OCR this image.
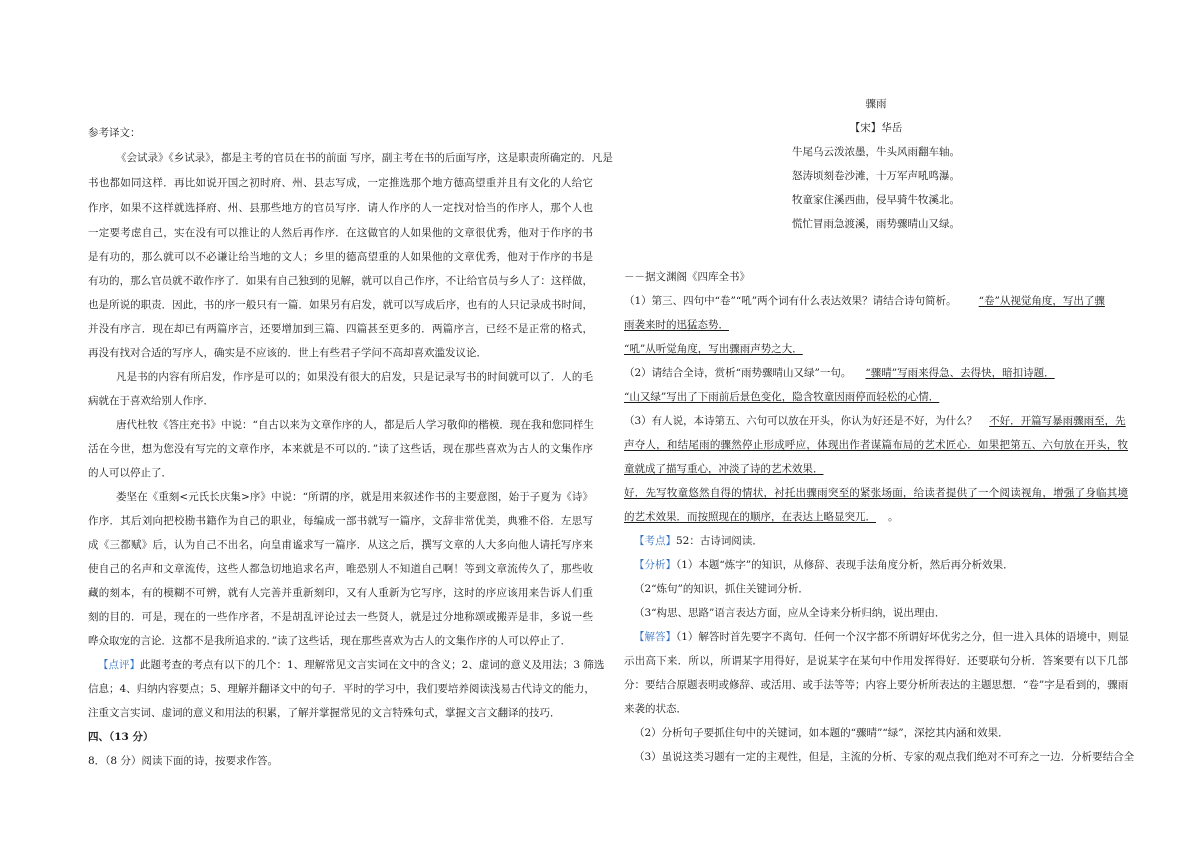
参考译文：
《会试录》《乡试录》，都是主考的官员在书的前面 写序，副主考在书的后面写序，这是职责所确定的．凡是
书也都如同这样．再比如说开国之初时府、州、县志写成，一定推选那个地方德高望重并且有文化的人给它
作序，如果不这样就选择府、州、县那些地方的官员写序．请人作序的人一定找对恰当的作序人，那个人也
一定要考虑自己，实在没有可以推让的人然后再作序．在这做官的人如果他的文章很优秀，他对于作序的书
是有功的，那么就可以不必谦让给当地的文人；乡里的德高望重的人如果他的文章优秀，他对于作序的书是
有功的，那么官员就不敢作序了．如果有自己独到的见解，就可以自己作序，不让给官员与乡人了：这样做，
也是所说的职责．因此，书的序一般只有一篇．如果另有启发，就可以写成后序，也有的人只记录成书时间，
并没有序言．现在却已有两篇序言，还要增加到三篇、四篇甚至更多的．两篇序言，已经不是正常的格式，
再没有找对合适的写序人，确实是不应该的．世上有些君子学问不高却喜欢滥发议论．
凡是书的内容有所启发，作序是可以的；如果没有很大的启发，只是记录写书的时间就可以了．人的毛
病就在于喜欢给别人作序．
唐代杜牧《答庄充书》中说：“自古以来为文章作序的人，都是后人学习敬仰的楷模．现在我和您同样生
活在今世，想为您没有写完的文章作序，本来就是不可以的．”读了这些话，现在那些喜欢为古人的文集作序
的人可以停止了．
娄坚在《重刻<元氏长庆集>序》中说：“所谓的序，就是用来叙述作书的主要意图，始于子夏为《诗》
作序．其后刘向把校勘书籍作为自己的职业，每编成一部书就写一篇序，文辞非常优美，典雅不俗．左思写
成《三都赋》后，认为自己不出名，向皇甫谧求写一篇序．从这之后，撰写文章的人大多向他人请托写序来
使自己的名声和文章流传，这些人都急切地追求名声，唯恐别人不知道自己啊！等到文章流传久了，那些收
藏的刻本，有的模糊不可辨，就有人完善并重新刻印，又有人重新为它写序，这时的序应该用来告诉人们重
刻的目的．可是，现在的一些作序者，不是胡乱评论过去一些贤人，就是过分地称颂或搬弄是非，多说一些
哗众取宠的言论．这都不是我所追求的．”读了这些话，现在那些喜欢为古人的文集作序的人可以停止了．
【点评】此题考查的考点有以下的几个：1、理解常见文言实词在文中的含义；2、虚词的意义及用法；3 筛选
信息；4、归纳内容要点；5、理解并翻译文中的句子．平时的学习中，我们要培养阅读浅易古代诗文的能力，
注重文言实词、虚词的意义和用法的积累，了解并掌握常见的文言特殊句式，掌握文言文翻译的技巧．
四、（13 分）
8．（8 分）阅读下面的诗，按要求作答。
骤雨
【宋】华岳
牛尾乌云泼浓墨，牛头风雨翻车轴。
怒涛顷刻卷沙滩，十万军声吼鸣瀑。
牧童家住溪西曲，侵早骑牛牧溪北。
慌忙冒雨急渡溪，雨势骤晴山又绿。
－－据文渊阁《四库全书》
（1）第三、四句中“卷”“吼”两个词有什么表达效果？请结合诗句简析。 “卷”从视觉角度，写出了骤
雨袭来时的迅猛态势．
“吼”从听觉角度，写出骤雨声势之大．
（2）请结合全诗，赏析“雨势骤晴山又绿”一句。 “骤晴”写雨来得急、去得快，暗扣诗题．
“山又绿”写出了下雨前后景色变化，隐含牧童因雨停而轻松的心情．
（3）有人说，本诗第五、六句可以放在开头，你认为好还是不好，为什么？ 不好．开篇写暴雨骤雨至，先
声夺人，和结尾雨的骤然停止形成呼应，体现出作者谋篇布局的艺术匠心．如果把第五、六句放在开头，牧
童就成了描写重心，冲淡了诗的艺术效果．
好．先写牧童悠然自得的情状，衬托出骤雨突至的紧张场面，给读者提供了一个阅读视角，增强了身临其境
的艺术效果．而按照现在的顺序，在表达上略显突兀． 。
【考点】52：古诗词阅读．
【分析】（1）本题“炼字”的知识，从修辞、表现手法角度分析，然后再分析效果．
（2“炼句”的知识，抓住关键词分析．
（3“构思、思路”语言表达方面，应从全诗来分析归纳，说出理由．
【解答】（1）解答时首先要字不离句．任何一个汉字都不所谓好坏优劣之分，但一进入具体的语境中，则显
示出高下来．所以，所谓某字用得好，是说某字在某句中作用发挥得好．还要联句分析．答案要有以下几部
分：要结合原题表明或修辞、或活用、或手法等等；内容上要分析所表达的主题思想．“卷”字是看到的，骤雨
来袭的状态．
（2）分析句子要抓住句中的关键词，如本题的“骤晴”“绿”，深挖其内涵和效果．
（3）虽说这类习题有一定的主观性，但是，主流的分析、专家的观点我们绝对不可弃之一边．分析要结合全
